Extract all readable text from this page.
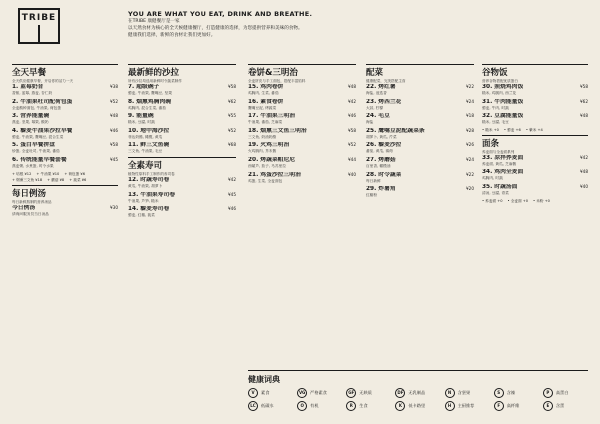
TRIBE	YOU ARE WHAT YOU EAT, DRINK AND BREATHE.
在TRIBE 康健餐厅是一家
以天然食材为核心的全天候健康餐厅，打造健康的选择，为您提供营养和美味的食物。
健康我们选择，新鲜的食材让我们更加好。
全天早餐
全天供应健康早餐，开启你的活力一天
1. 蓝莓奶昔	¥38
香蕉, 蓝莓, 燕麦, 杏仁奶
2. 牛油果吐司配荷包蛋	¥52
全麦酸种面包, 牛油果, 荷包蛋
3. 营养能量碗	¥48
燕麦, 坚果, 莓果, 酸奶
4. 藜麦牛油果沙拉早餐	¥46
藜麦, 牛油果, 鹰嘴豆, 混合生菜
5. 蛋白早餐拼盘	¥58
炒蛋, 全麦吐司, 牛油果, 番茄
6. 传统能量早餐套餐	¥45
燕麦粥, 水煮蛋, 时令水果
+ 培根 ¥12 + 牛油果 ¥10 + 荷包蛋 ¥6
+ 烟熏三文鱼 ¥18 + 蘑菇 ¥8 + 菠菜 ¥6
每日例汤
每日新鲜熬制的营养汤品
今日例汤	¥30
请询问服务员当日汤品
最新鲜的沙拉
所有沙拉均选用新鲜时令蔬菜制作
7. 超级碗子	¥58
藜麦, 牛油果, 鹰嘴豆, 坚果
8. 烟熏鸡胸肉碗	¥62
鸡胸肉, 混合生菜, 番茄
9. 能量碗	¥55
糙米, 豆腐, 时蔬
10. 地中海沙拉	¥52
菲达奶酪, 橄榄, 黄瓜
11. 鲜三文鱼碗	¥68
三文鱼, 牛油果, 毛豆
全素寿司
植物性原料手工制作的寿司卷
12. 时蔬寿司卷	¥42
黄瓜, 牛油果, 胡萝卜
13. 牛油果寿司卷	¥45
牛油果, 芦笋, 糙米
14. 藜麦寿司卷	¥46
藜麦, 红椒, 菠菜
卷饼&三明治
全麦饼皮与手工面包，搭配丰富馅料
15. 鸡肉卷饼	¥48
鸡胸肉, 生菜, 番茄
16. 素食卷饼	¥42
鹰嘴豆泥, 烤蔬菜
17. 牛油果三明治	¥46
牛油果, 番茄, 芝麻菜
18. 烟熏三文鱼三明治	¥58
三文鱼, 奶油奶酪
19. 火鸡三明治	¥52
火鸡胸肉, 芥末酱
20. 烤蔬菜帕尼尼	¥44
西葫芦, 茄子, 马苏里拉
21. 鸡蛋沙拉三明治	¥40
鸡蛋, 生菜, 全麦面包
配菜
健康配菜，完美搭配主食
22. 烤红薯	¥22
海盐, 迷迭香
23. 烤西兰花	¥24
大蒜, 柠檬
24. 毛豆	¥18
海盐
25. 鹰嘴豆泥配蔬菜条	¥28
胡萝卜, 黄瓜, 芹菜
26. 藜麦沙拉	¥26
番茄, 黄瓜, 薄荷
27. 烤蘑菇	¥24
百里香, 橄榄油
28. 时令蔬菜	¥22
每日新鲜
29. 炸薯角	¥20
红椒粉
谷物饭
营养谷物搭配优质蛋白
30. 照烧鸡肉饭	¥58
糙米, 鸡腿肉, 西兰花
31. 牛肉能量饭	¥62
藜麦, 牛肉, 时蔬
32. 豆腐能量饭	¥48
糙米, 豆腐, 毛豆
• 糙米 +0 • 藜麦 +6 • 紫米 +4
面条
荞麦面与全麦面系列
33. 凉拌荞麦面	¥42
荞麦面, 黄瓜, 芝麻酱
34. 鸡肉全麦面	¥48
鸡胸肉, 时蔬
35. 时蔬汤面	¥40
清汤, 豆腐, 青菜
• 荞麦面 +0 • 全麦面 +0 • 米粉 +0
健康词典
V	素食	VG	严格素食	GF	无麸质	DF	无乳制品	N	含坚果	S	含辣	P	高蛋白
LC	低碳水	O	有机	R	生食	K	低卡路里	H	主厨推荐	F	高纤维	E	含蛋
